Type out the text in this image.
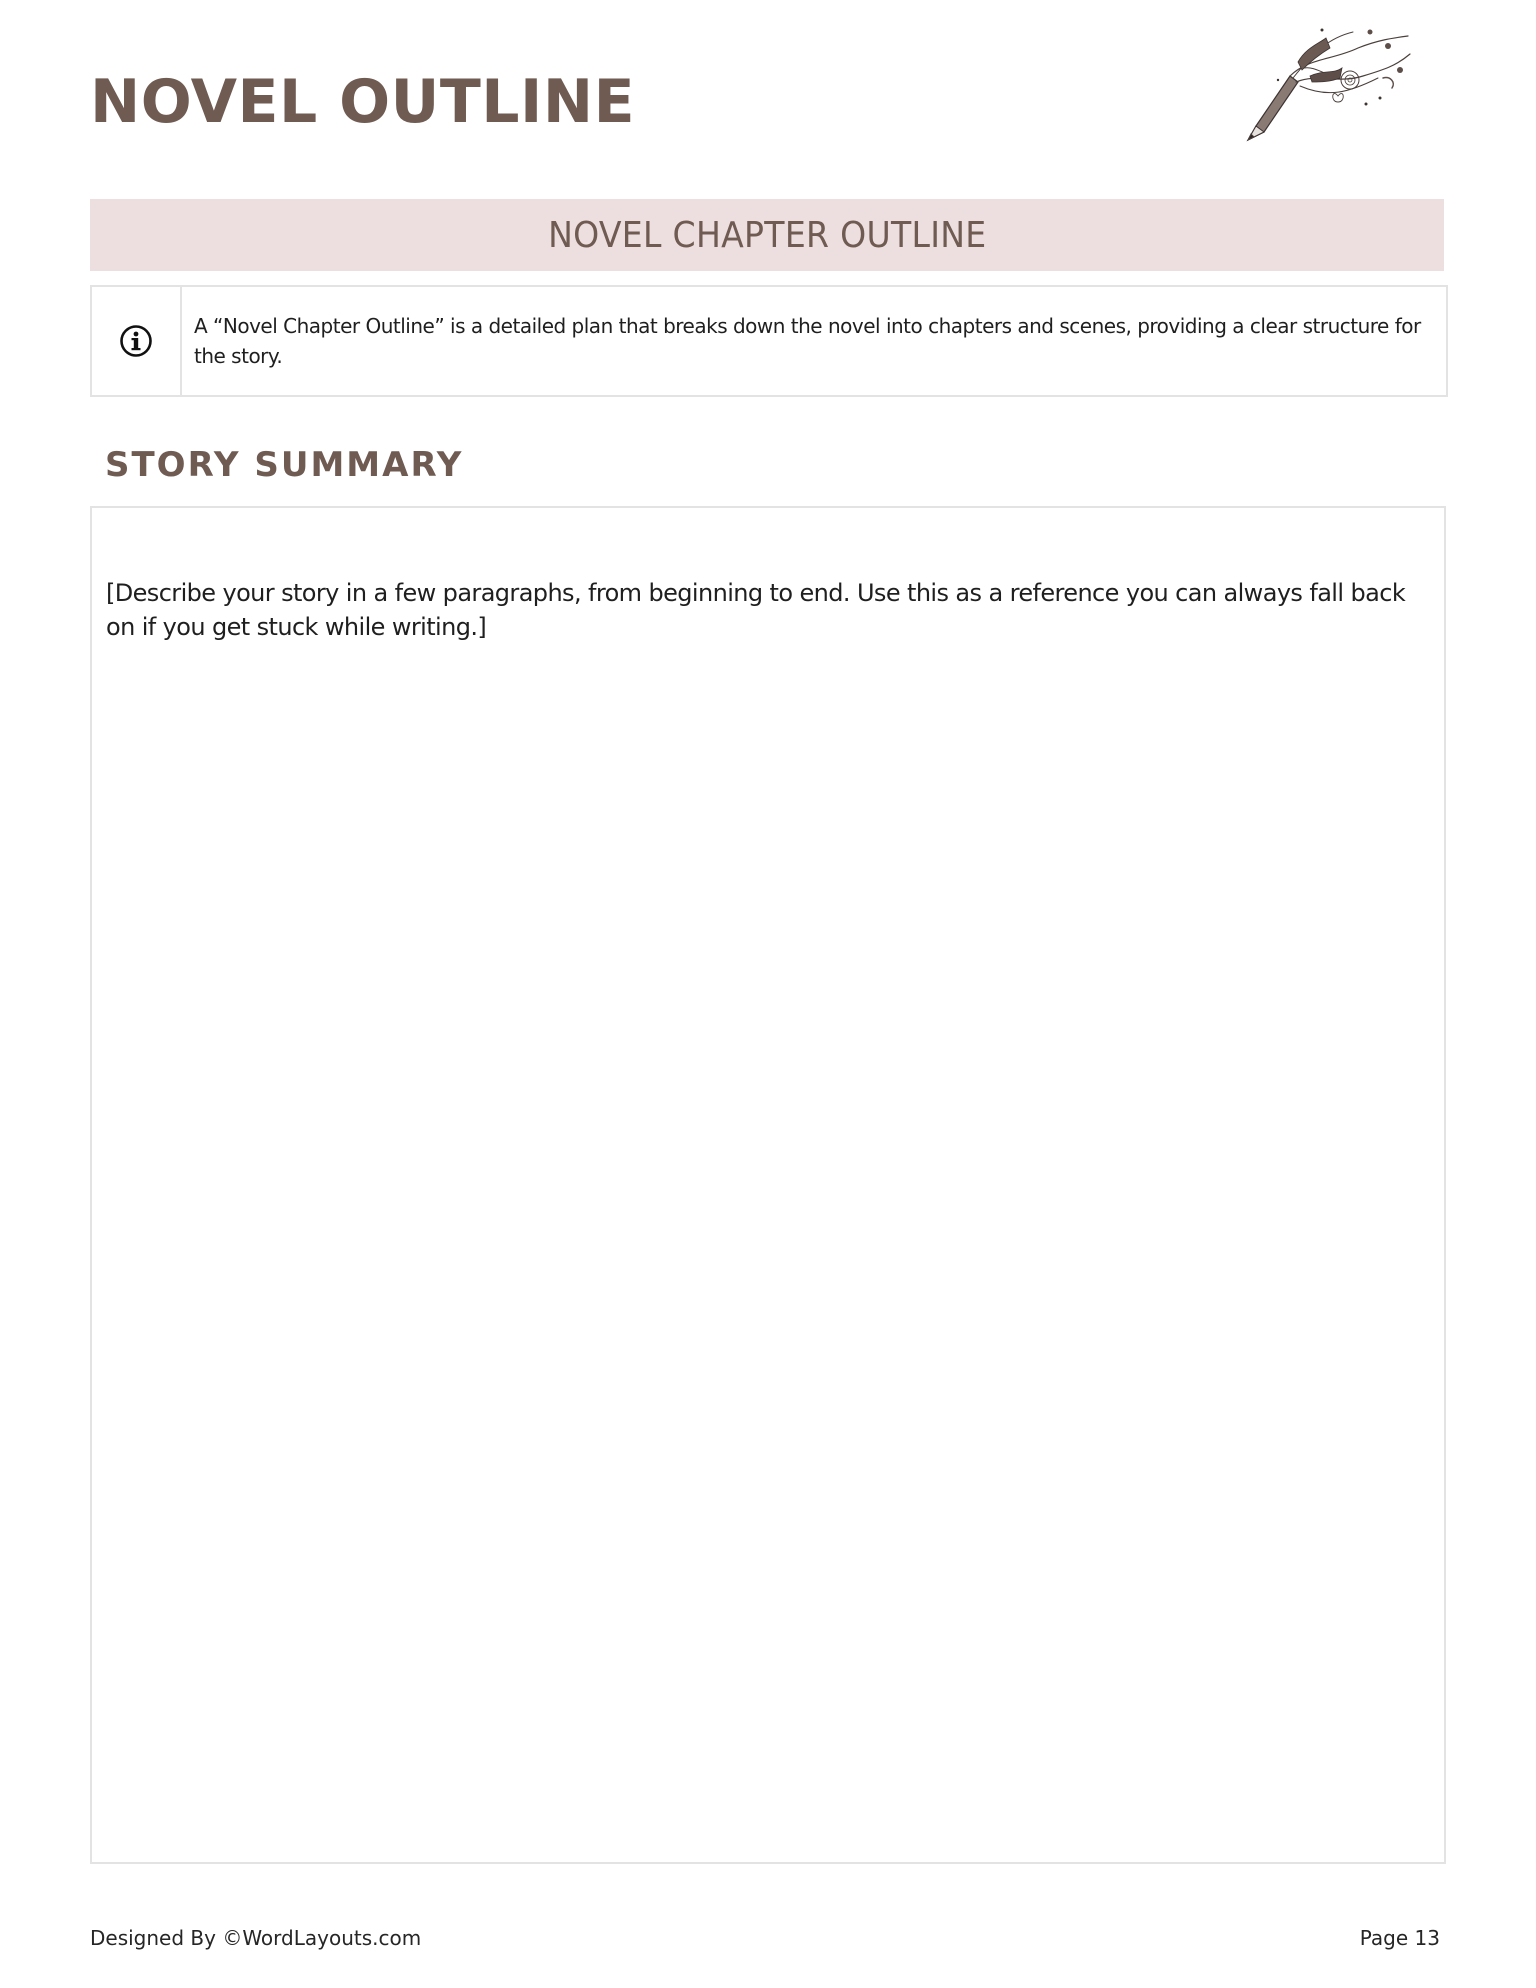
NOVEL OUTLINE
NOVEL CHAPTER OUTLINE
A “Novel Chapter Outline” is a detailed plan that breaks down the novel into chapters and scenes, providing a clear structure for the story.
STORY SUMMARY

[Describe your story in a few paragraphs, from beginning to end. Use this as a reference you can always fall back on if you get stuck while writing.]

Designed By ©WordLayouts.com	Page 13
